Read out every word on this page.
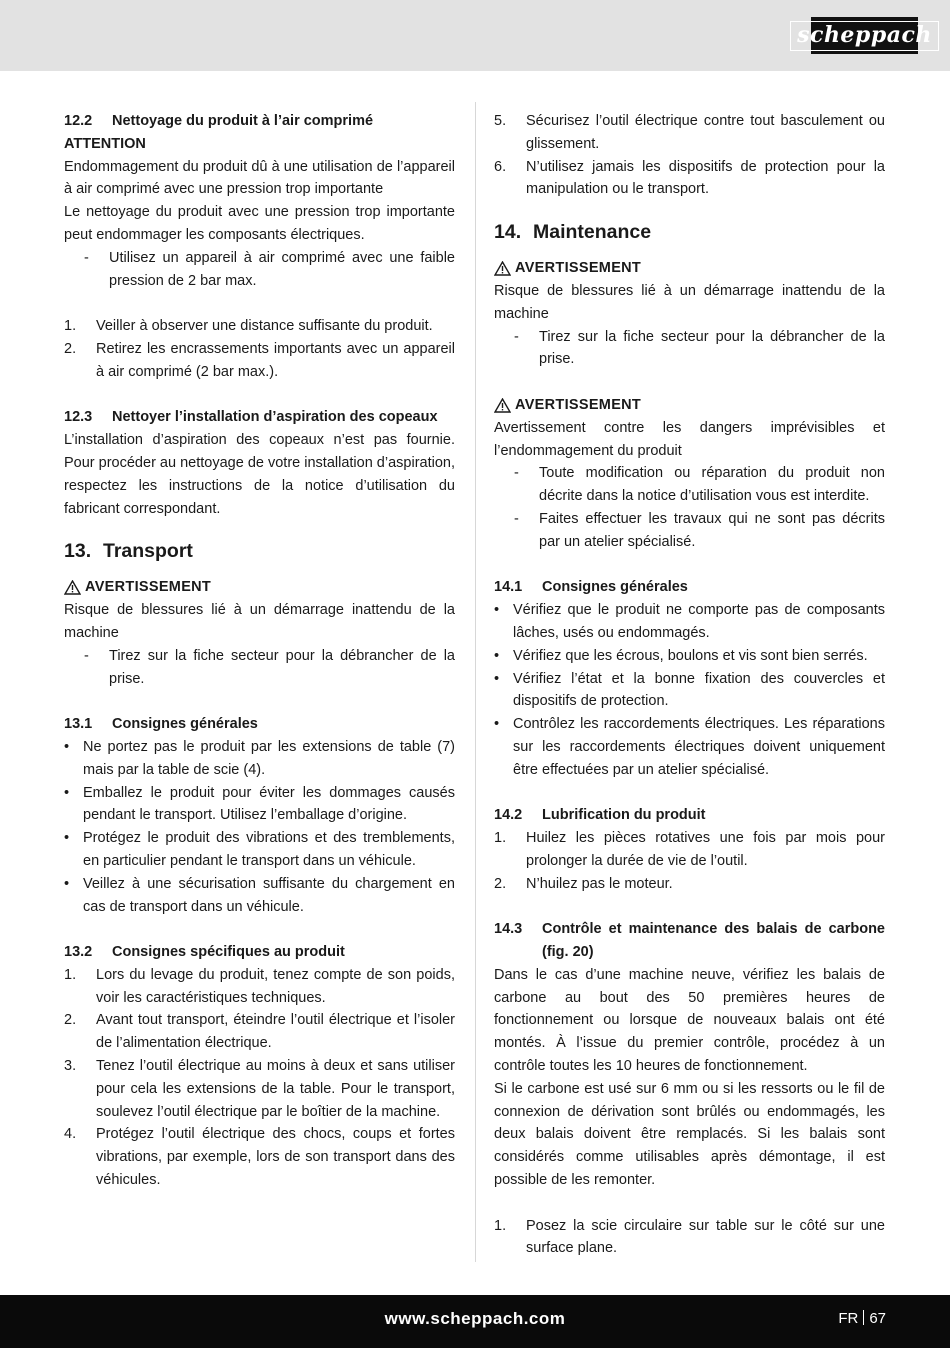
scheppach
12.2	Nettoyage du produit à l’air comprimé
ATTENTION

Endommagement du produit dû à une utilisation de l’appareil à air comprimé avec une pression trop importante

Le nettoyage du produit avec une pression trop importante peut endommager les composants électriques.

-	Utilisez un appareil à air comprimé avec une faible pression de 2 bar max.
1.	Veiller à observer une distance suffisante du produit.
2.	Retirez les encrassements importants avec un appareil à air comprimé (2 bar max.).
12.3	Nettoyer l’installation d’aspiration des copeaux

L’installation d’aspiration des copeaux n’est pas fournie. Pour procéder au nettoyage de votre installation d’aspiration, respectez les instructions de la notice d’utilisation du fabricant correspondant.

13. Transport
AVERTISSEMENT

Risque de blessures lié à un démarrage inattendu de la machine

-	Tirez sur la fiche secteur pour la débrancher de la prise.
13.1	Consignes générales
• Ne portez pas le produit par les extensions de table (7) mais par la table de scie (4).
• Emballez le produit pour éviter les dommages causés pendant le transport. Utilisez l’emballage d’origine.
• Protégez le produit des vibrations et des tremblements, en particulier pendant le transport dans un véhicule.
• Veillez à une sécurisation suffisante du chargement en cas de transport dans un véhicule.
13.2	Consignes spécifiques au produit
1.	Lors du levage du produit, tenez compte de son poids, voir les caractéristiques techniques.
2.	Avant tout transport, éteindre l’outil électrique et l’isoler de l’alimentation électrique.
3.	Tenez l’outil électrique au moins à deux et sans utiliser pour cela les extensions de la table. Pour le transport, soulevez l’outil électrique par le boîtier de la machine.
4.	Protégez l’outil électrique des chocs, coups et fortes vibrations, par exemple, lors de son transport dans des véhicules.
5.	Sécurisez l’outil électrique contre tout basculement ou glissement.
6.	N’utilisez jamais les dispositifs de protection pour la manipulation ou le transport.
14. Maintenance
AVERTISSEMENT

Risque de blessures lié à un démarrage inattendu de la machine

-	Tirez sur la fiche secteur pour la débrancher de la prise.
AVERTISSEMENT

Avertissement contre les dangers imprévisibles et l’endommagement du produit

-	Toute modification ou réparation du produit non décrite dans la notice d’utilisation vous est interdite.
-	Faites effectuer les travaux qui ne sont pas décrits par un atelier spécialisé.
14.1	Consignes générales
• Vérifiez que le produit ne comporte pas de composants lâches, usés ou endommagés.
• Vérifiez que les écrous, boulons et vis sont bien serrés.
• Vérifiez l’état et la bonne fixation des couvercles et dispositifs de protection.
• Contrôlez les raccordements électriques. Les réparations sur les raccordements électriques doivent uniquement être effectuées par un atelier spécialisé.
14.2	Lubrification du produit
1.	Huilez les pièces rotatives une fois par mois pour prolonger la durée de vie de l’outil.
2.	N’huilez pas le moteur.
14.3	Contrôle et maintenance des balais de carbone (fig. 20)

Dans le cas d’une machine neuve, vérifiez les balais de carbone au bout des 50 premières heures de fonctionnement ou lorsque de nouveaux balais ont été montés. À l’issue du premier contrôle, procédez à un contrôle toutes les 10 heures de fonctionnement.

Si le carbone est usé sur 6 mm ou si les ressorts ou le fil de connexion de dérivation sont brûlés ou endommagés, les deux balais doivent être remplacés. Si les balais sont considérés comme utilisables après démontage, il est possible de les remonter.

1.	Posez la scie circulaire sur table sur le côté sur une surface plane.
www.scheppach.com	FR 67
